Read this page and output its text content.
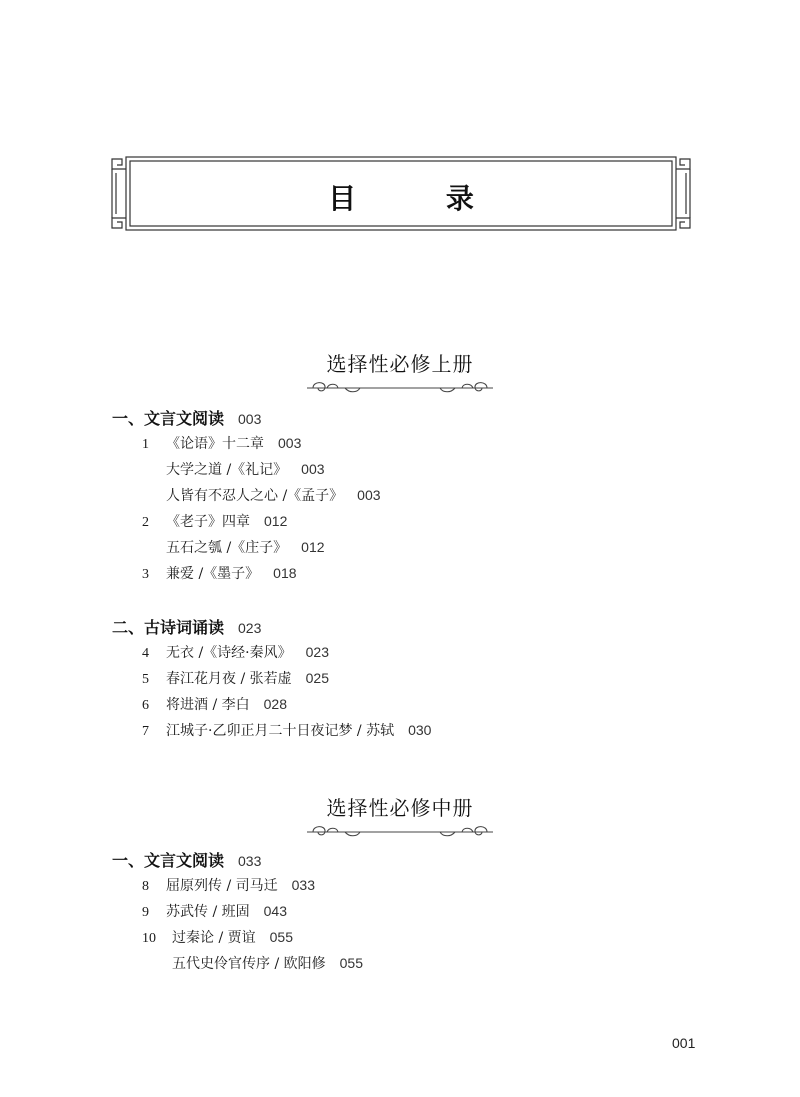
目 录
选择性必修上册
一、文言文阅读 003
1 《论语》十二章 003
大学之道 /《礼记》 003
人皆有不忍人之心 /《孟子》 003
2 《老子》四章 012
五石之瓠 /《庄子》 012
3 兼爱 /《墨子》 018
二、古诗词诵读 023
4 无衣 /《诗经·秦风》 023
5 春江花月夜 / 张若虚 025
6 将进酒 / 李白 028
7 江城子·乙卯正月二十日夜记梦 / 苏轼 030
选择性必修中册
一、文言文阅读 033
8 屈原列传 / 司马迁 033
9 苏武传 / 班固 043
10 过秦论 / 贾谊 055
五代史伶官传序 / 欧阳修 055
001
